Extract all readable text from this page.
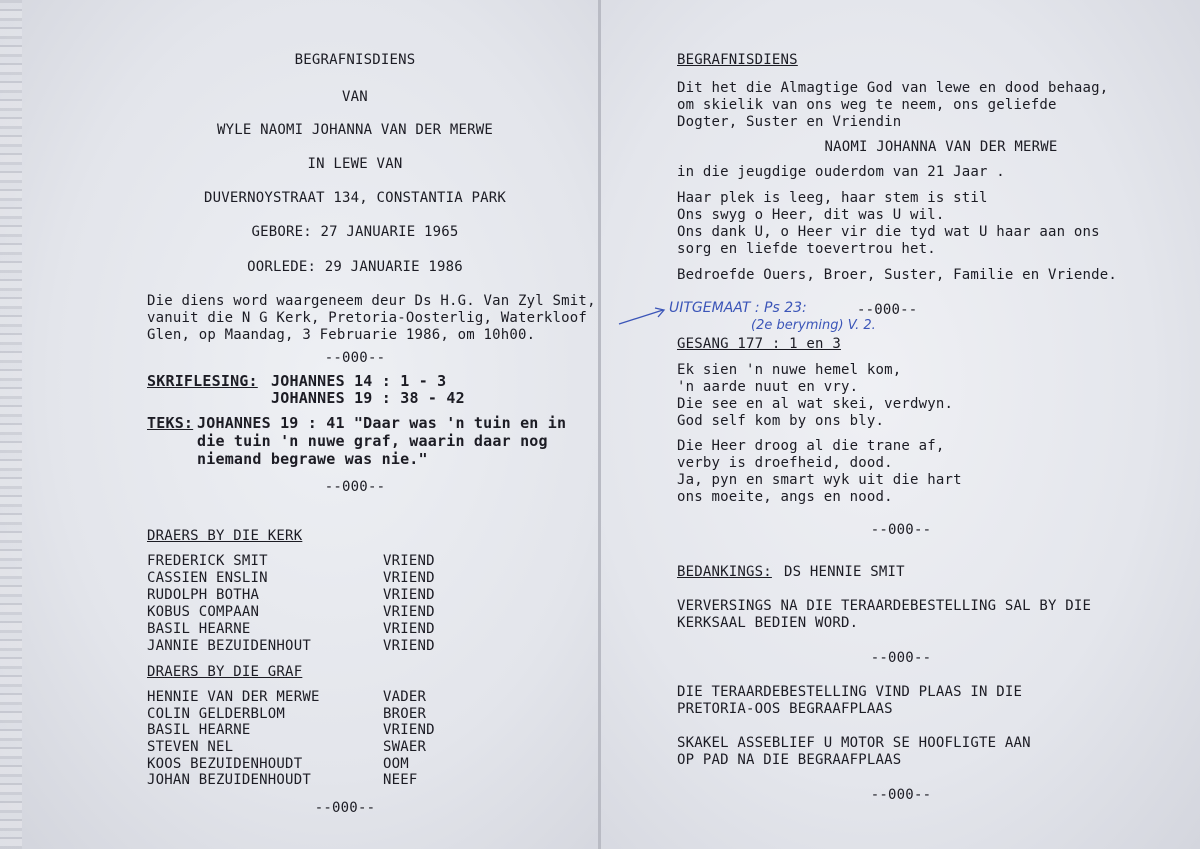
BEGRAFNISDIENS
VAN
WYLE NAOMI JOHANNA VAN DER MERWE
IN LEWE VAN
DUVERNOYSTRAAT 134, CONSTANTIA PARK
GEBORE: 27 JANUARIE 1965
OORLEDE: 29 JANUARIE 1986
Die diens word waargeneem deur Ds H.G. Van Zyl Smit,
vanuit die N G Kerk, Pretoria-Oosterlig, Waterkloof
Glen, op Maandag, 3 Februarie 1986, om 10h00.
--000--
SKRIFLESING: JOHANNES 14 : 1 - 3
JOHANNES 19 : 38 - 42
TEKS: JOHANNES 19 : 41 "Daar was 'n tuin en in
die tuin 'n nuwe graf, waarin daar nog
niemand begrawe was nie."
--000--
DRAERS BY DIE KERK
FREDERICK SMIT	VRIEND
CASSIEN ENSLIN	VRIEND
RUDOLPH BOTHA	VRIEND
KOBUS COMPAAN	VRIEND
BASIL HEARNE	VRIEND
JANNIE BEZUIDENHOUT	VRIEND
DRAERS BY DIE GRAF
HENNIE VAN DER MERWE	VADER
COLIN GELDERBLOM	BROER
BASIL HEARNE	VRIEND
STEVEN NEL	SWAER
KOOS BEZUIDENHOUDT	OOM
JOHAN BEZUIDENHOUDT	NEEF
--000--
BEGRAFNISDIENS
Dit het die Almagtige God van lewe en dood behaag,
om skielik van ons weg te neem, ons geliefde
Dogter, Suster en Vriendin
NAOMI JOHANNA VAN DER MERWE
in die jeugdige ouderdom van 21 Jaar .
Haar plek is leeg, haar stem is stil
Ons swyg o Heer, dit was U wil.
Ons dank U, o Heer vir die tyd wat U haar aan ons
sorg en liefde toevertrou het.
Bedroefde Ouers, Broer, Suster, Familie en Vriende.
UITGEMAAT : Ps 23:
(2e beryming) V. 2.
--000--
GESANG 177 : 1 en 3
Ek sien 'n nuwe hemel kom,
'n aarde nuut en vry.
Die see en al wat skei, verdwyn.
God self kom by ons bly.
Die Heer droog al die trane af,
verby is droefheid, dood.
Ja, pyn en smart wyk uit die hart
ons moeite, angs en nood.
--000--
BEDANKINGS: DS HENNIE SMIT
VERVERSINGS NA DIE TERAARDEBESTELLING SAL BY DIE
KERKSAAL BEDIEN WORD.
--000--
DIE TERAARDEBESTELLING VIND PLAAS IN DIE
PRETORIA-OOS BEGRAAFPLAAS
SKAKEL ASSEBLIEF U MOTOR SE HOOFLIGTE AAN
OP PAD NA DIE BEGRAAFPLAAS
--000--
